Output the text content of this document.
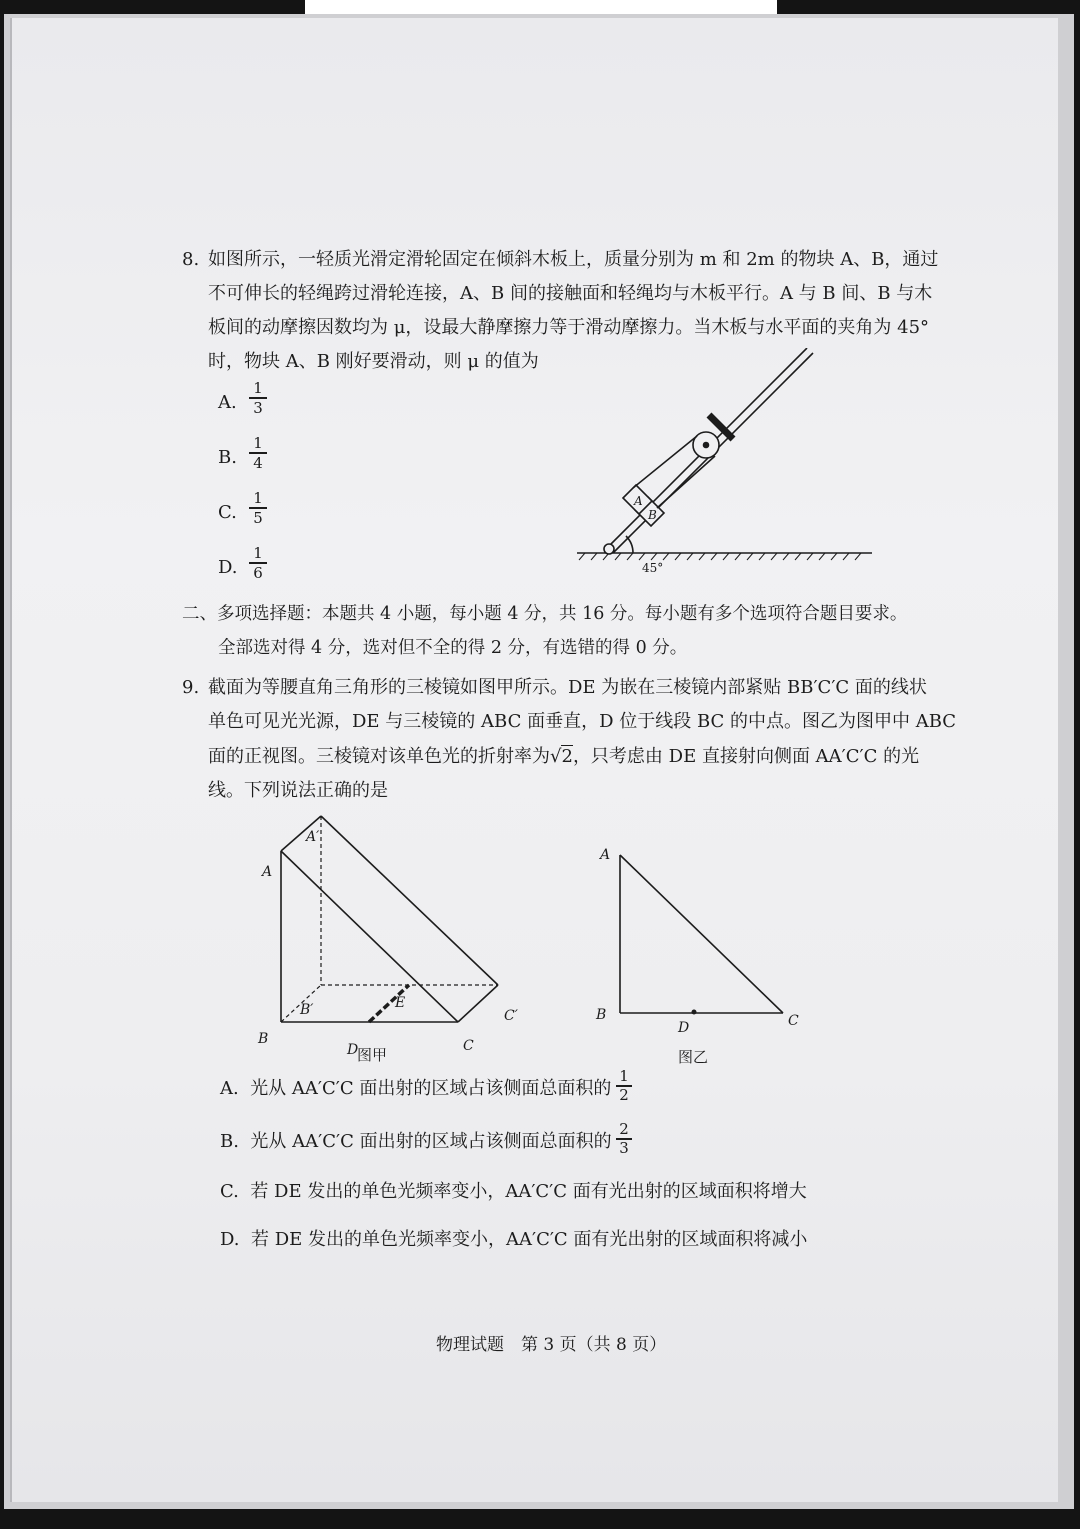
8. 如图所示，一轻质光滑定滑轮固定在倾斜木板上，质量分别为 m 和 2m 的物块 A、B，通过
不可伸长的轻绳跨过滑轮连接，A、B 间的接触面和轻绳均与木板平行。A 与 B 间、B 与木
板间的动摩擦因数均为 μ，设最大静摩擦力等于滑动摩擦力。当木板与水平面的夹角为 45°
时，物块 A、B 刚好要滑动，则 μ 的值为
A.
1
3
B.
1
4
C.
1
5
D.
1
6
A
B
45°
二、多项选择题：本题共 4 小题，每小题 4 分，共 16 分。每小题有多个选项符合题目要求。
全部选对得 4 分，选对但不全的得 2 分，有选错的得 0 分。
9. 截面为等腰直角三角形的三棱镜如图甲所示。DE 为嵌在三棱镜内部紧贴 BB′C′C 面的线状
单色可见光光源，DE 与三棱镜的 ABC 面垂直，D 位于线段 BC 的中点。图乙为图甲中 ABC
面的正视图。三棱镜对该单色光的折射率为√2，只考虑由 DE 直接射向侧面 AA′C′C 的光
线。下列说法正确的是
A
A′
B
B′
C
C′
D
E
图甲
A
B	C
D
图乙
A. 光从 AA′C′C 面出射的区域占该侧面总面积的
1
2
B. 光从 AA′C′C 面出射的区域占该侧面总面积的
2
3
C. 若 DE 发出的单色光频率变小，AA′C′C 面有光出射的区域面积将增大
D. 若 DE 发出的单色光频率变小，AA′C′C 面有光出射的区域面积将减小
物理试题　第 3 页（共 8 页）
